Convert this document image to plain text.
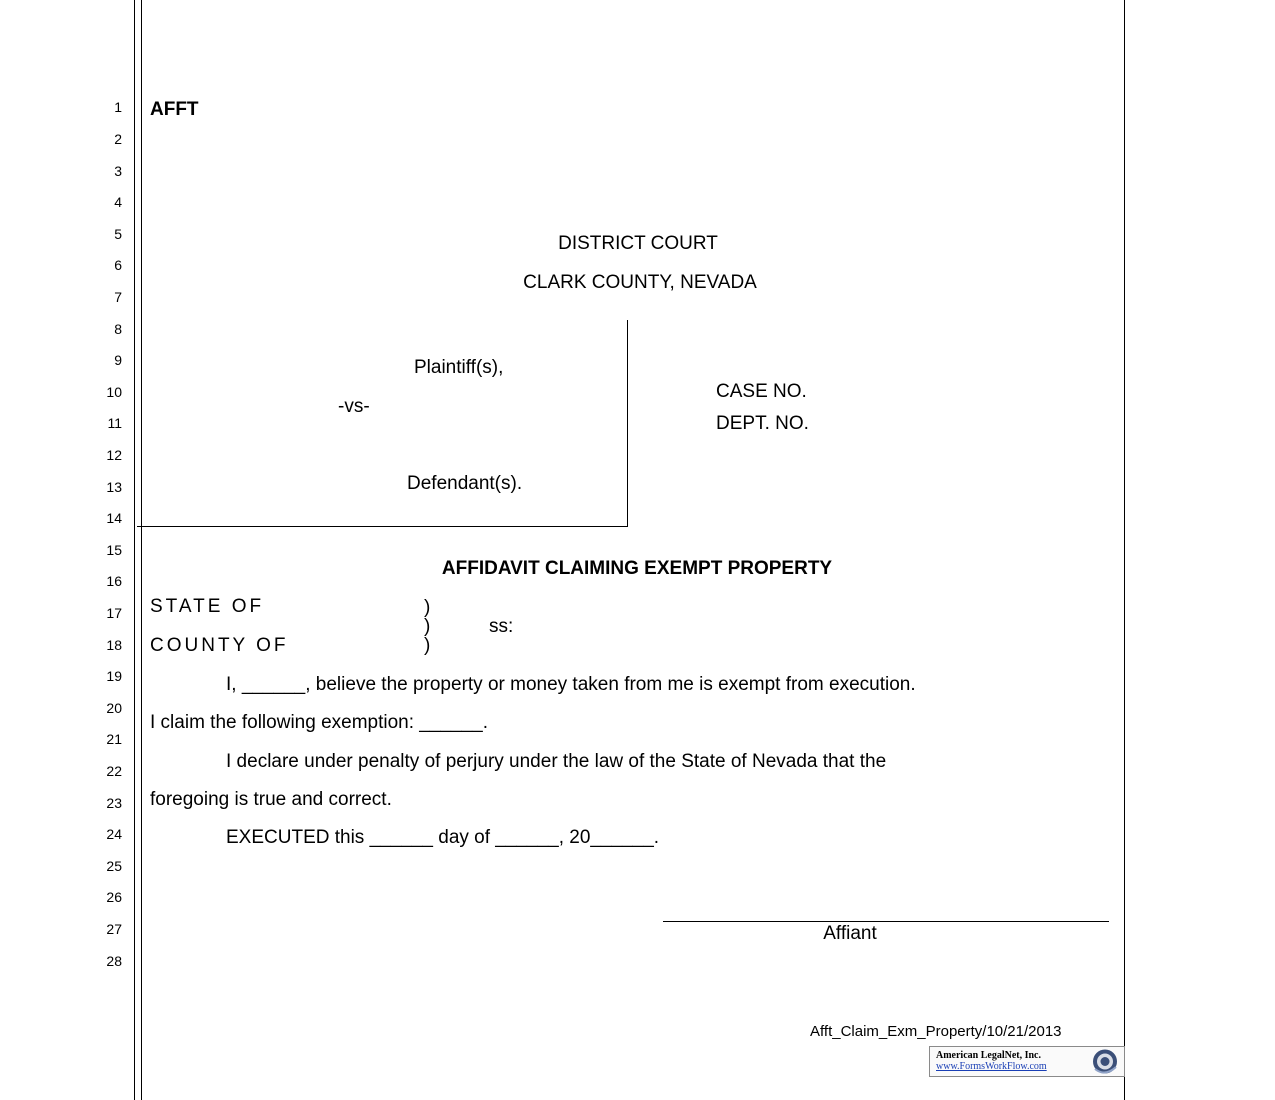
1
2
3
4
5
6
7
8
9
10
11
12
13
14
15
16
17
18
19
20
21
22
23
24
25
26
27
28
AFFT
DISTRICT COURT
CLARK COUNTY, NEVADA
Plaintiff(s),
-vs-
Defendant(s).
CASE NO.
DEPT. NO.
AFFIDAVIT CLAIMING EXEMPT PROPERTY
STATE OF
COUNTY OF
)
)
)
ss:
I, ______, believe the property or money taken from me is exempt from execution.
I claim the following exemption: ______.
I declare under penalty of perjury under the law of the State of Nevada that the
foregoing is true and correct.
EXECUTED this ______ day of ______, 20______.
Affiant
Afft_Claim_Exm_Property/10/21/2013
American LegalNet, Inc.
www.FormsWorkFlow.com
